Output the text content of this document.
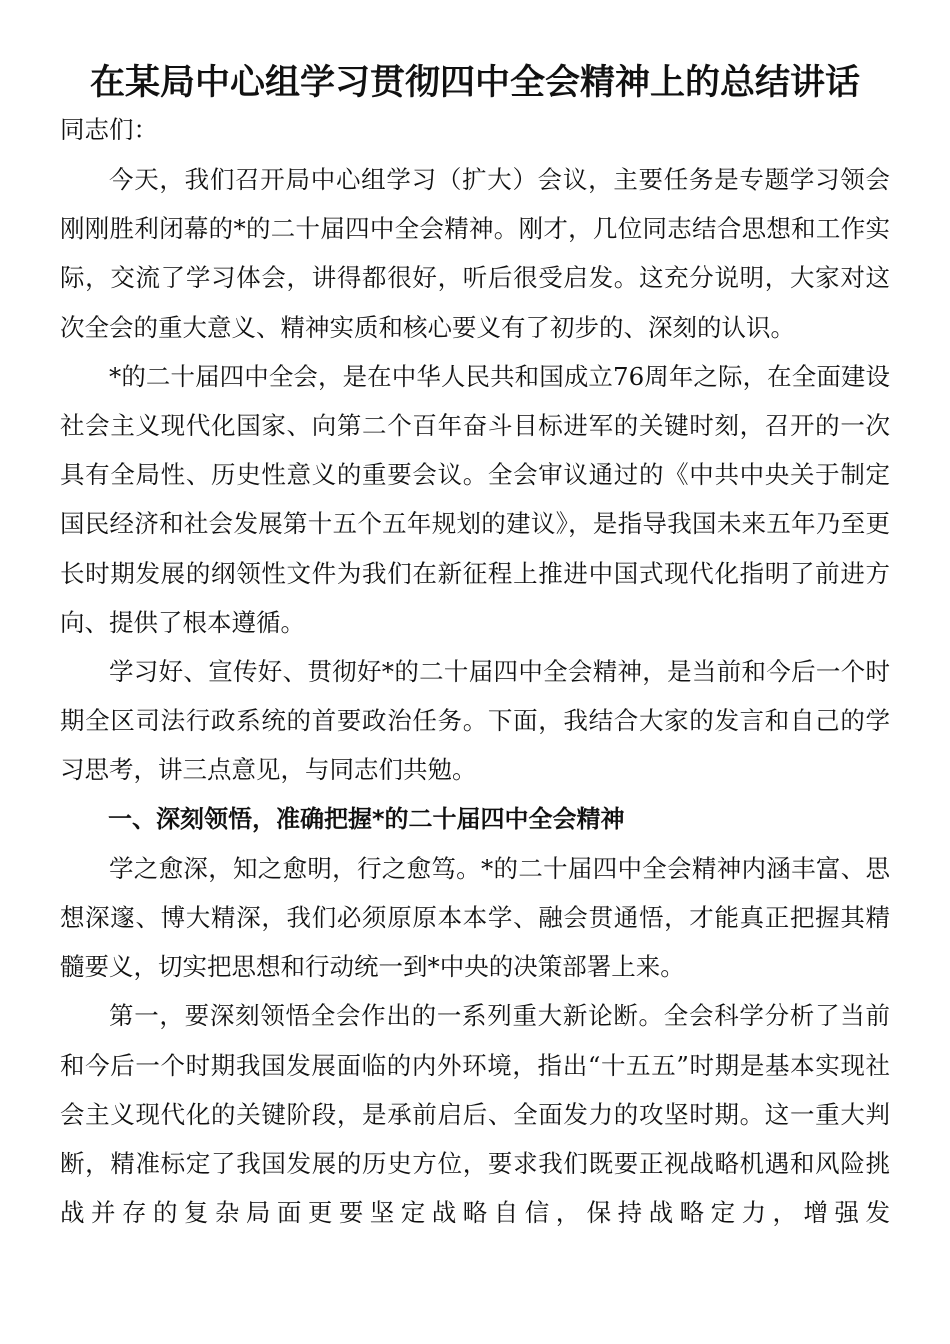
在某局中心组学习贯彻四中全会精神上的总结讲话

同志们：

今天，我们召开局中心组学习（扩大）会议，主要任务是专题学习领会刚刚胜利闭幕的*的二十届四中全会精神。刚才，几位同志结合思想和工作实际，交流了学习体会，讲得都很好，听后很受启发。这充分说明，大家对这次全会的重大意义、精神实质和核心要义有了初步的、深刻的认识。

*的二十届四中全会，是在中华人民共和国成立76周年之际，在全面建设社会主义现代化国家、向第二个百年奋斗目标进军的关键时刻，召开的一次具有全局性、历史性意义的重要会议。全会审议通过的《中共中央关于制定国民经济和社会发展第十五个五年规划的建议》，是指导我国未来五年乃至更长时期发展的纲领性文件为我们在新征程上推进中国式现代化指明了前进方向、提供了根本遵循。

学习好、宣传好、贯彻好*的二十届四中全会精神，是当前和今后一个时期全区司法行政系统的首要政治任务。下面，我结合大家的发言和自己的学习思考，讲三点意见，与同志们共勉。

一、深刻领悟，准确把握*的二十届四中全会精神

学之愈深，知之愈明，行之愈笃。*的二十届四中全会精神内涵丰富、思想深邃、博大精深，我们必须原原本本学、融会贯通悟，才能真正把握其精髓要义，切实把思想和行动统一到*中央的决策部署上来。

第一，要深刻领悟全会作出的一系列重大新论断。全会科学分析了当前和今后一个时期我国发展面临的内外环境，指出“十五五”时期是基本实现社会主义现代化的关键阶段，是承前启后、全面发力的攻坚时期。这一重大判断，精准标定了我国发展的历史方位，要求我们既要正视战略机遇和风险挑战并存的复杂局面更要坚定战略自信，保持战略定力，增强发
